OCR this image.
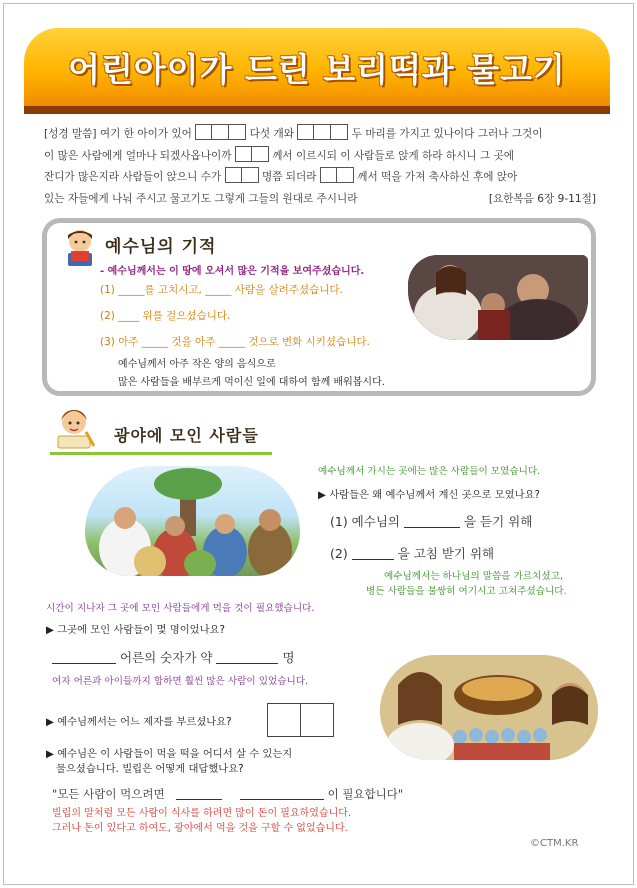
어린아이가 드린 보리떡과 물고기
[성경 말씀] 여기 한 아이가 있어	다섯 개와	두 마리를 가지고 있나이다 그러나 그것이
이 많은 사람에게 얼마나 되겠사옵나이까	께서 이르시되 이 사람들로 앉게 하라 하시니 그 곳에
잔디가 많은지라 사람들이 앉으니 수가	명쯤 되더라	께서 떡을 가져 축사하신 후에 앉아
있는 자들에게 나눠 주시고 물고기도 그렇게 그들의 원대로 주시니라	[요한복음 6장 9-11절]
예수님의 기적
- 예수님께서는 이 땅에 오셔서 많은 기적을 보여주셨습니다.
(1) _____를 고치시고, _____ 사람을 살려주셨습니다.
(2) ____ 위를 걸으셨습니다.
(3) 아주 _____ 것을 아주 _____ 것으로 변화 시키셨습니다.
예수님께서 아주 작은 양의 음식으로
많은 사람들을 배부르게 먹이신 일에 대하여 함께 배워봅시다.
광야에 모인 사람들
예수님께서 가시는 곳에는 많은 사람들이 모였습니다.
▶ 사람들은 왜 예수님께서 계신 곳으로 모였나요?
(1) 예수님의	을 듣기 위해
(2)	을 고침 받기 위해
예수님께서는 하나님의 말씀을 가르치셨고,
병든 사람들을 불쌍히 여기시고 고쳐주셨습니다.
시간이 지나자 그 곳에 모인 사람들에게 먹을 것이 필요했습니다.
▶ 그곳에 모인 사람들이 몇 명이었나요?
어른의 숫자가 약	명
여자 어른과 아이들까지 합하면 훨씬 많은 사람이 있었습니다.
▶ 예수님께서는 어느 제자를 부르셨나요?
▶ 예수님은 이 사람들이 먹을 떡을 어디서 살 수 있는지
물으셨습니다. 빌립은 어떻게 대답했나요?
"모든 사람이 먹으려면	이 필요합니다"
빌립의 말처럼 모든 사람이 식사를 하려면 많이 돈이 필요하였습니다.
그러나 돈이 있다고 하여도, 광야에서 먹을 것을 구할 수 없었습니다.
©CTM.KR
